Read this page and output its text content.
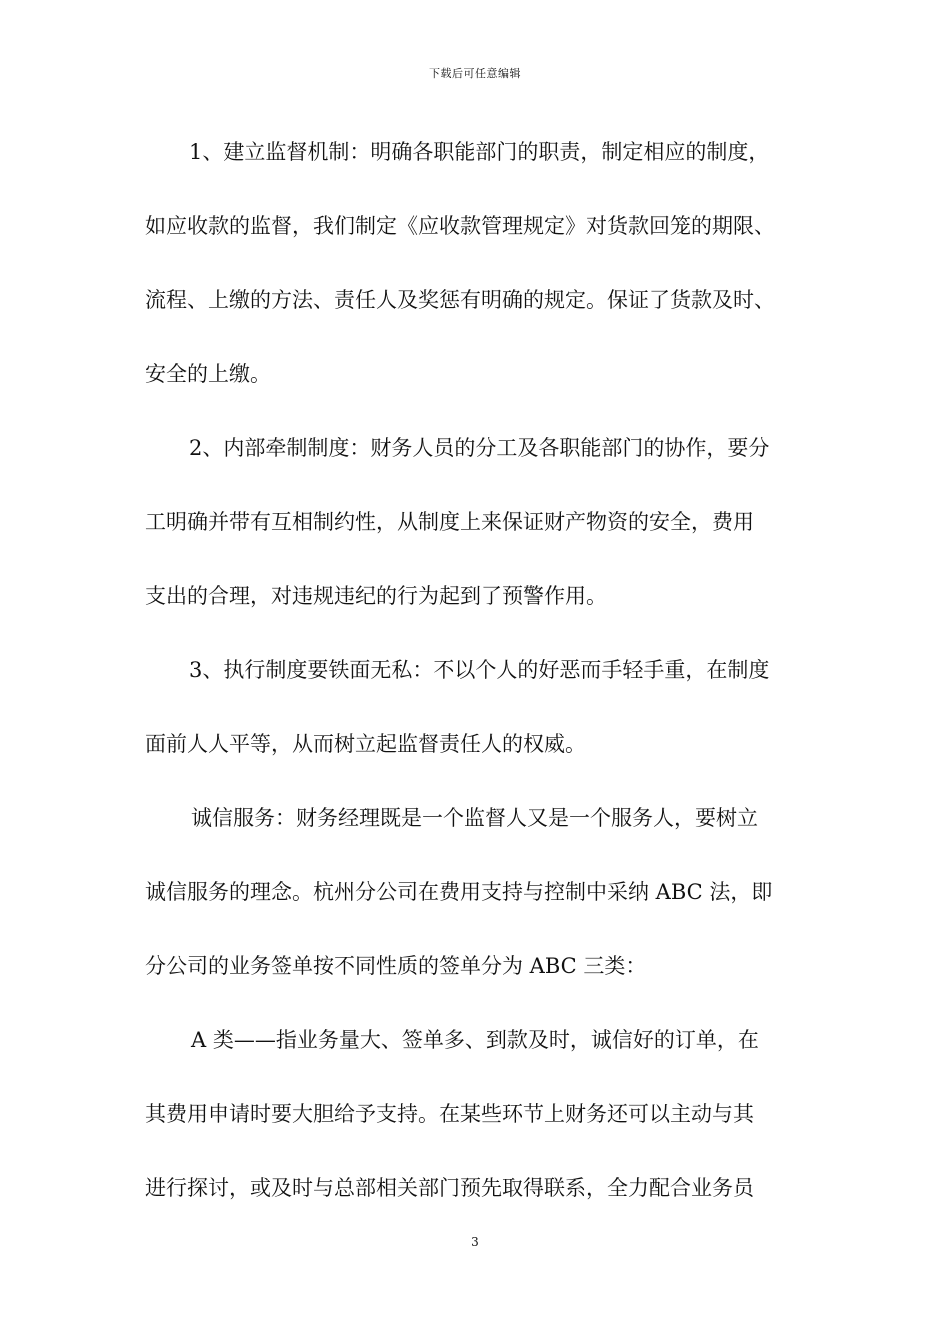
下载后可任意编辑
1、建立监督机制：明确各职能部门的职责，制定相应的制度，
如应收款的监督，我们制定《应收款管理规定》对货款回笼的期限、
流程、上缴的方法、责任人及奖惩有明确的规定。保证了货款及时、
安全的上缴。
2、内部牵制制度：财务人员的分工及各职能部门的协作，要分
工明确并带有互相制约性，从制度上来保证财产物资的安全，费用
支出的合理，对违规违纪的行为起到了预警作用。
3、执行制度要铁面无私：不以个人的好恶而手轻手重，在制度
面前人人平等，从而树立起监督责任人的权威。
诚信服务：财务经理既是一个监督人又是一个服务人，要树立
诚信服务的理念。杭州分公司在费用支持与控制中采纳 ABC 法，即
分公司的业务签单按不同性质的签单分为 ABC 三类：
A 类——指业务量大、签单多、到款及时，诚信好的订单，在
其费用申请时要大胆给予支持。在某些环节上财务还可以主动与其
进行探讨，或及时与总部相关部门预先取得联系，全力配合业务员
3
